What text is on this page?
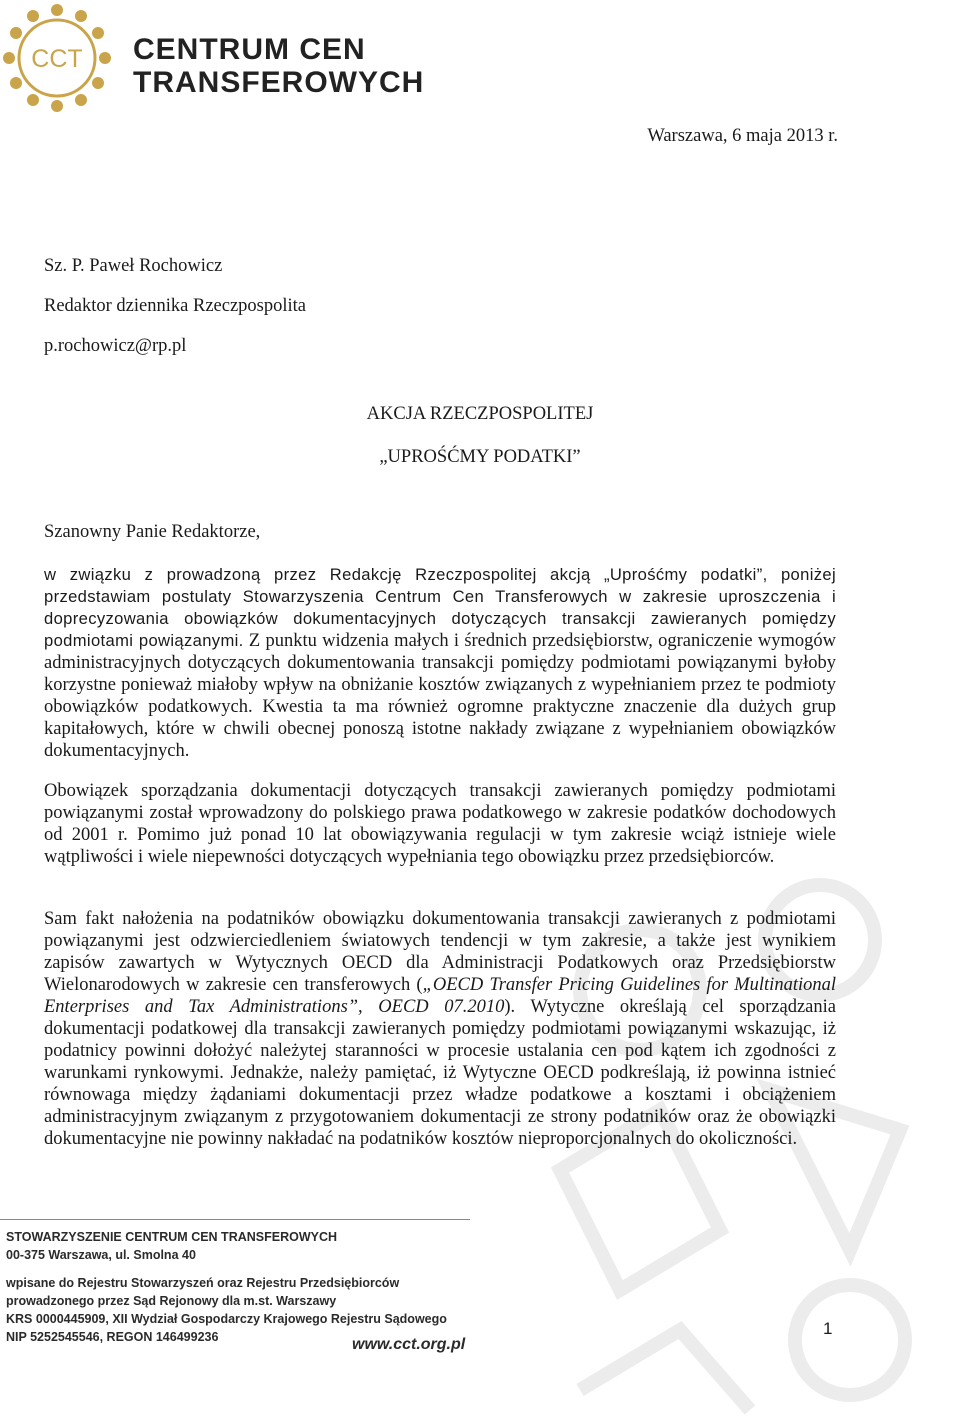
CCT CENTRUM CEN
TRANSFEROWYCH
Warszawa, 6 maja 2013 r.
Sz. P. Paweł Rochowicz
Redaktor dziennika Rzeczpospolita
p.rochowicz@rp.pl
AKCJA RZECZPOSPOLITEJ
„UPROŚĆMY PODATKI”
Szanowny Panie Redaktorze,

w związku z prowadzoną przez Redakcję Rzeczpospolitej akcją „Uprośćmy podatki”, poniżej przedstawiam postulaty Stowarzyszenia Centrum Cen Transferowych w zakresie uproszczenia i doprecyzowania obowiązków dokumentacyjnych dotyczących transakcji zawieranych pomiędzy podmiotami powiązanymi. Z punktu widzenia małych i średnich przedsiębiorstw, ograniczenie wymogów administracyjnych dotyczących dokumentowania transakcji pomiędzy podmiotami powiązanymi byłoby korzystne ponieważ miałoby wpływ na obniżanie kosztów związanych z wypełnianiem przez te podmioty obowiązków podatkowych. Kwestia ta ma również ogromne praktyczne znaczenie dla dużych grup kapitałowych, które w chwili obecnej ponoszą istotne nakłady związane z wypełnianiem obowiązków dokumentacyjnych.

Obowiązek sporządzania dokumentacji dotyczących transakcji zawieranych pomiędzy podmiotami powiązanymi został wprowadzony do polskiego prawa podatkowego w zakresie podatków dochodowych od 2001 r. Pomimo już ponad 10 lat obowiązywania regulacji w tym zakresie wciąż istnieje wiele wątpliwości i wiele niepewności dotyczących wypełniania tego obowiązku przez przedsiębiorców.

Sam fakt nałożenia na podatników obowiązku dokumentowania transakcji zawieranych z podmiotami powiązanymi jest odzwierciedleniem światowych tendencji w tym zakresie, a także jest wynikiem zapisów zawartych w Wytycznych OECD dla Administracji Podatkowych oraz Przedsiębiorstw Wielonarodowych w zakresie cen transferowych („OECD Transfer Pricing Guidelines for Multinational Enterprises and Tax Administrations”, OECD 07.2010). Wytyczne określają cel sporządzania dokumentacji podatkowej dla transakcji zawieranych pomiędzy podmiotami powiązanymi wskazując, iż podatnicy powinni dołożyć należytej staranności w procesie ustalania cen pod kątem ich zgodności z warunkami rynkowymi. Jednakże, należy pamiętać, iż Wytyczne OECD podkreślają, iż powinna istnieć równowaga między żądaniami dokumentacji przez władze podatkowe a kosztami i obciążeniem administracyjnym związanym z przygotowaniem dokumentacji ze strony podatników oraz że obowiązki dokumentacyjne nie powinny nakładać na podatników kosztów nieproporcjonalnych do okoliczności.

STOWARZYSZENIE CENTRUM CEN TRANSFEROWYCH
00-375 Warszawa, ul. Smolna 40
wpisane do Rejestru Stowarzyszeń oraz Rejestru Przedsiębiorców
prowadzonego przez Sąd Rejonowy dla m.st. Warszawy
KRS 0000445909, XII Wydział Gospodarczy Krajowego Rejestru Sądowego
NIP 5252545546, REGON 146499236	www.cct.org.pl
1
